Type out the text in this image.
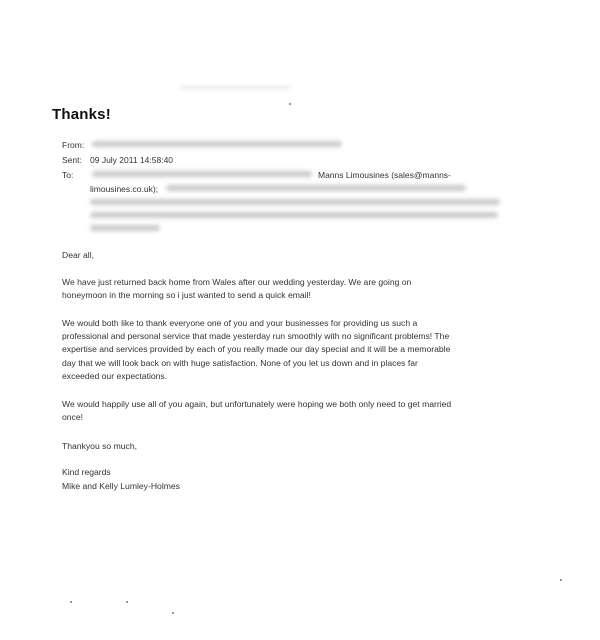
Thanks!
From:
Sent: 09 July 2011 14:58:40
To:	Manns Limousines (sales@manns-
limousines.co.uk);
Dear all,
We have just returned back home from Wales after our wedding yesterday. We are going on
honeymoon in the morning so i just wanted to send a quick email!
We would both like to thank everyone one of you and your businesses for providing us such a
professional and personal service that made yesterday run smoothly with no significant problems! The
expertise and services provided by each of you really made our day special and it will be a memorable
day that we will look back on with huge satisfaction. None of you let us down and in places far
exceeded our expectations.
We would happily use all of you again, but unfortunately were hoping we both only need to get married
once!
Thankyou so much,
Kind regards
Mike and Kelly Lumley-Holmes
